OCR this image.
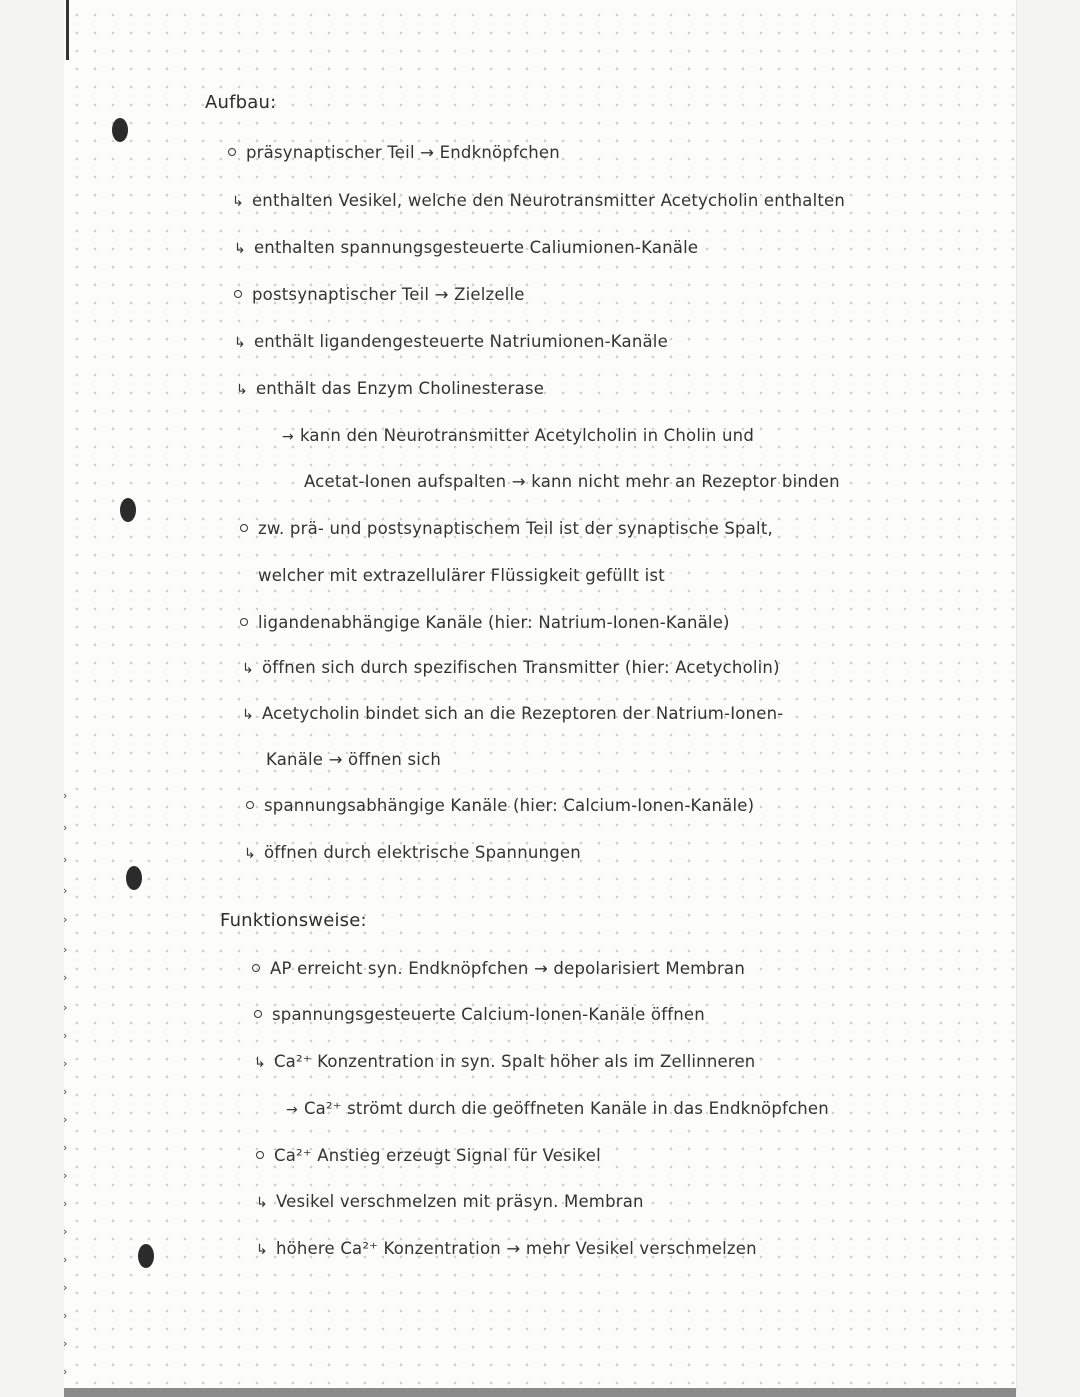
›
›
›
›
›
›
›
›
›
›
›
›
›
›
›
›
›
›
›
›
›
Aufbau:
präsynaptischer Teil → Endknöpfchen
↳ enthalten Vesikel, welche den Neurotransmitter Acetycholin enthalten
↳ enthalten spannungsgesteuerte Caliumionen-Kanäle
postsynaptischer Teil → Zielzelle
↳ enthält ligandengesteuerte Natriumionen-Kanäle
↳ enthält das Enzym Cholinesterase
→ kann den Neurotransmitter Acetylcholin in Cholin und
Acetat-Ionen aufspalten → kann nicht mehr an Rezeptor binden
zw. prä- und postsynaptischem Teil ist der synaptische Spalt,
welcher mit extrazellulärer Flüssigkeit gefüllt ist
ligandenabhängige Kanäle (hier: Natrium-Ionen-Kanäle)
↳ öffnen sich durch spezifischen Transmitter (hier: Acetycholin)
↳ Acetycholin bindet sich an die Rezeptoren der Natrium-Ionen-
Kanäle → öffnen sich
spannungsabhängige Kanäle (hier: Calcium-Ionen-Kanäle)
↳ öffnen durch elektrische Spannungen
Funktionsweise:
AP erreicht syn. Endknöpfchen → depolarisiert Membran
spannungsgesteuerte Calcium-Ionen-Kanäle öffnen
↳ Ca²⁺ Konzentration in syn. Spalt höher als im Zellinneren
→ Ca²⁺ strömt durch die geöffneten Kanäle in das Endknöpfchen
Ca²⁺ Anstieg erzeugt Signal für Vesikel
↳ Vesikel verschmelzen mit präsyn. Membran
↳ höhere Ca²⁺ Konzentration → mehr Vesikel verschmelzen
